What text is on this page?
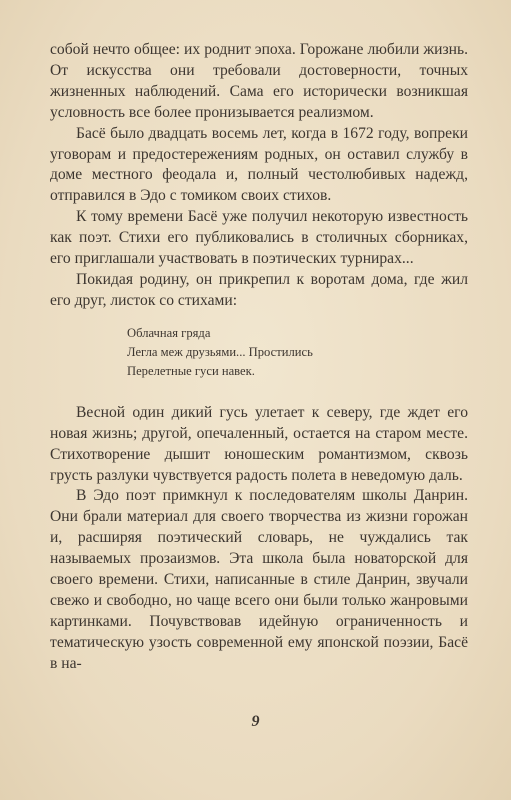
собой нечто общее: их роднит эпоха. Горожане любили жизнь. От искусства они требовали достоверности, точных жизненных наблюдений. Сама его исторически возникшая условность все более пронизывается реализмом.

Басё было двадцать восемь лет, когда в 1672 году, вопреки уговорам и предостережениям родных, он оставил службу в доме местного феодала и, полный честолюбивых надежд, отправился в Эдо с томиком своих стихов.

К тому времени Басё уже получил некоторую известность как поэт. Стихи его публиковались в столичных сборниках, его приглашали участвовать в поэтических турнирах...

Покидая родину, он прикрепил к воротам дома, где жил его друг, листок со стихами:

Облачная гряда
Легла меж друзьями... Простились
Перелетные гуси навек.

Весной один дикий гусь улетает к северу, где ждет его новая жизнь; другой, опечаленный, остается на старом месте. Стихотворение дышит юношеским романтизмом, сквозь грусть разлуки чувствуется радость полета в неведомую даль.

В Эдо поэт примкнул к последователям школы Данрин. Они брали материал для своего творчества из жизни горожан и, расширяя поэтический словарь, не чуждались так называемых прозаизмов. Эта школа была новаторской для своего времени. Стихи, написанные в стиле Данрин, звучали свежо и свободно, но чаще всего они были только жанровыми картинками. Почувствовав идейную ограниченность и тематическую узость современной ему японской поэзии, Басё в на-

9
